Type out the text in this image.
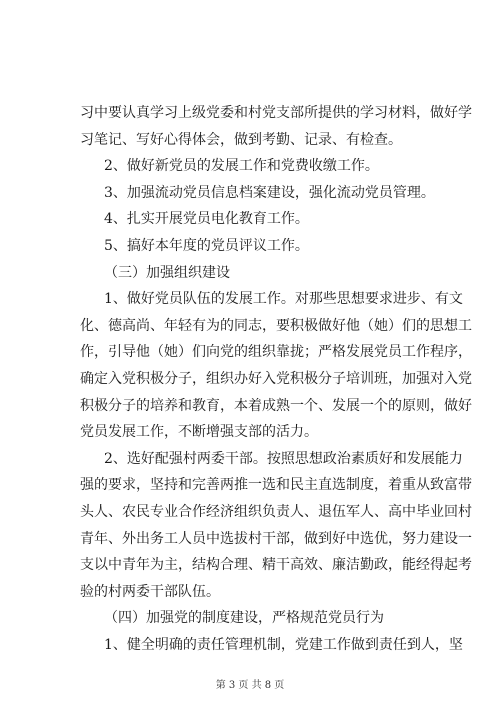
习中要认真学习上级党委和村党支部所提供的学习材料，做好学
习笔记、写好心得体会，做到考勤、记录、有检查。
2、做好新党员的发展工作和党费收缴工作。
3、加强流动党员信息档案建设，强化流动党员管理。
4、扎实开展党员电化教育工作。
5、搞好本年度的党员评议工作。
（三）加强组织建设
1、做好党员队伍的发展工作。对那些思想要求进步、有文
化、德高尚、年轻有为的同志，要积极做好他（她）们的思想工
作，引导他（她）们向党的组织靠拢；严格发展党员工作程序，
确定入党积极分子，组织办好入党积极分子培训班，加强对入党
积极分子的培养和教育，本着成熟一个、发展一个的原则，做好
党员发展工作，不断增强支部的活力。
2、选好配强村两委干部。按照思想政治素质好和发展能力
强的要求，坚持和完善两推一选和民主直选制度，着重从致富带
头人、农民专业合作经济组织负责人、退伍军人、高中毕业回村
青年、外出务工人员中选拔村干部，做到好中选优，努力建设一
支以中青年为主，结构合理、精干高效、廉洁勤政，能经得起考
验的村两委干部队伍。
（四）加强党的制度建设，严格规范党员行为
1、健全明确的责任管理机制，党建工作做到责任到人，坚
第 3 页 共 8 页
